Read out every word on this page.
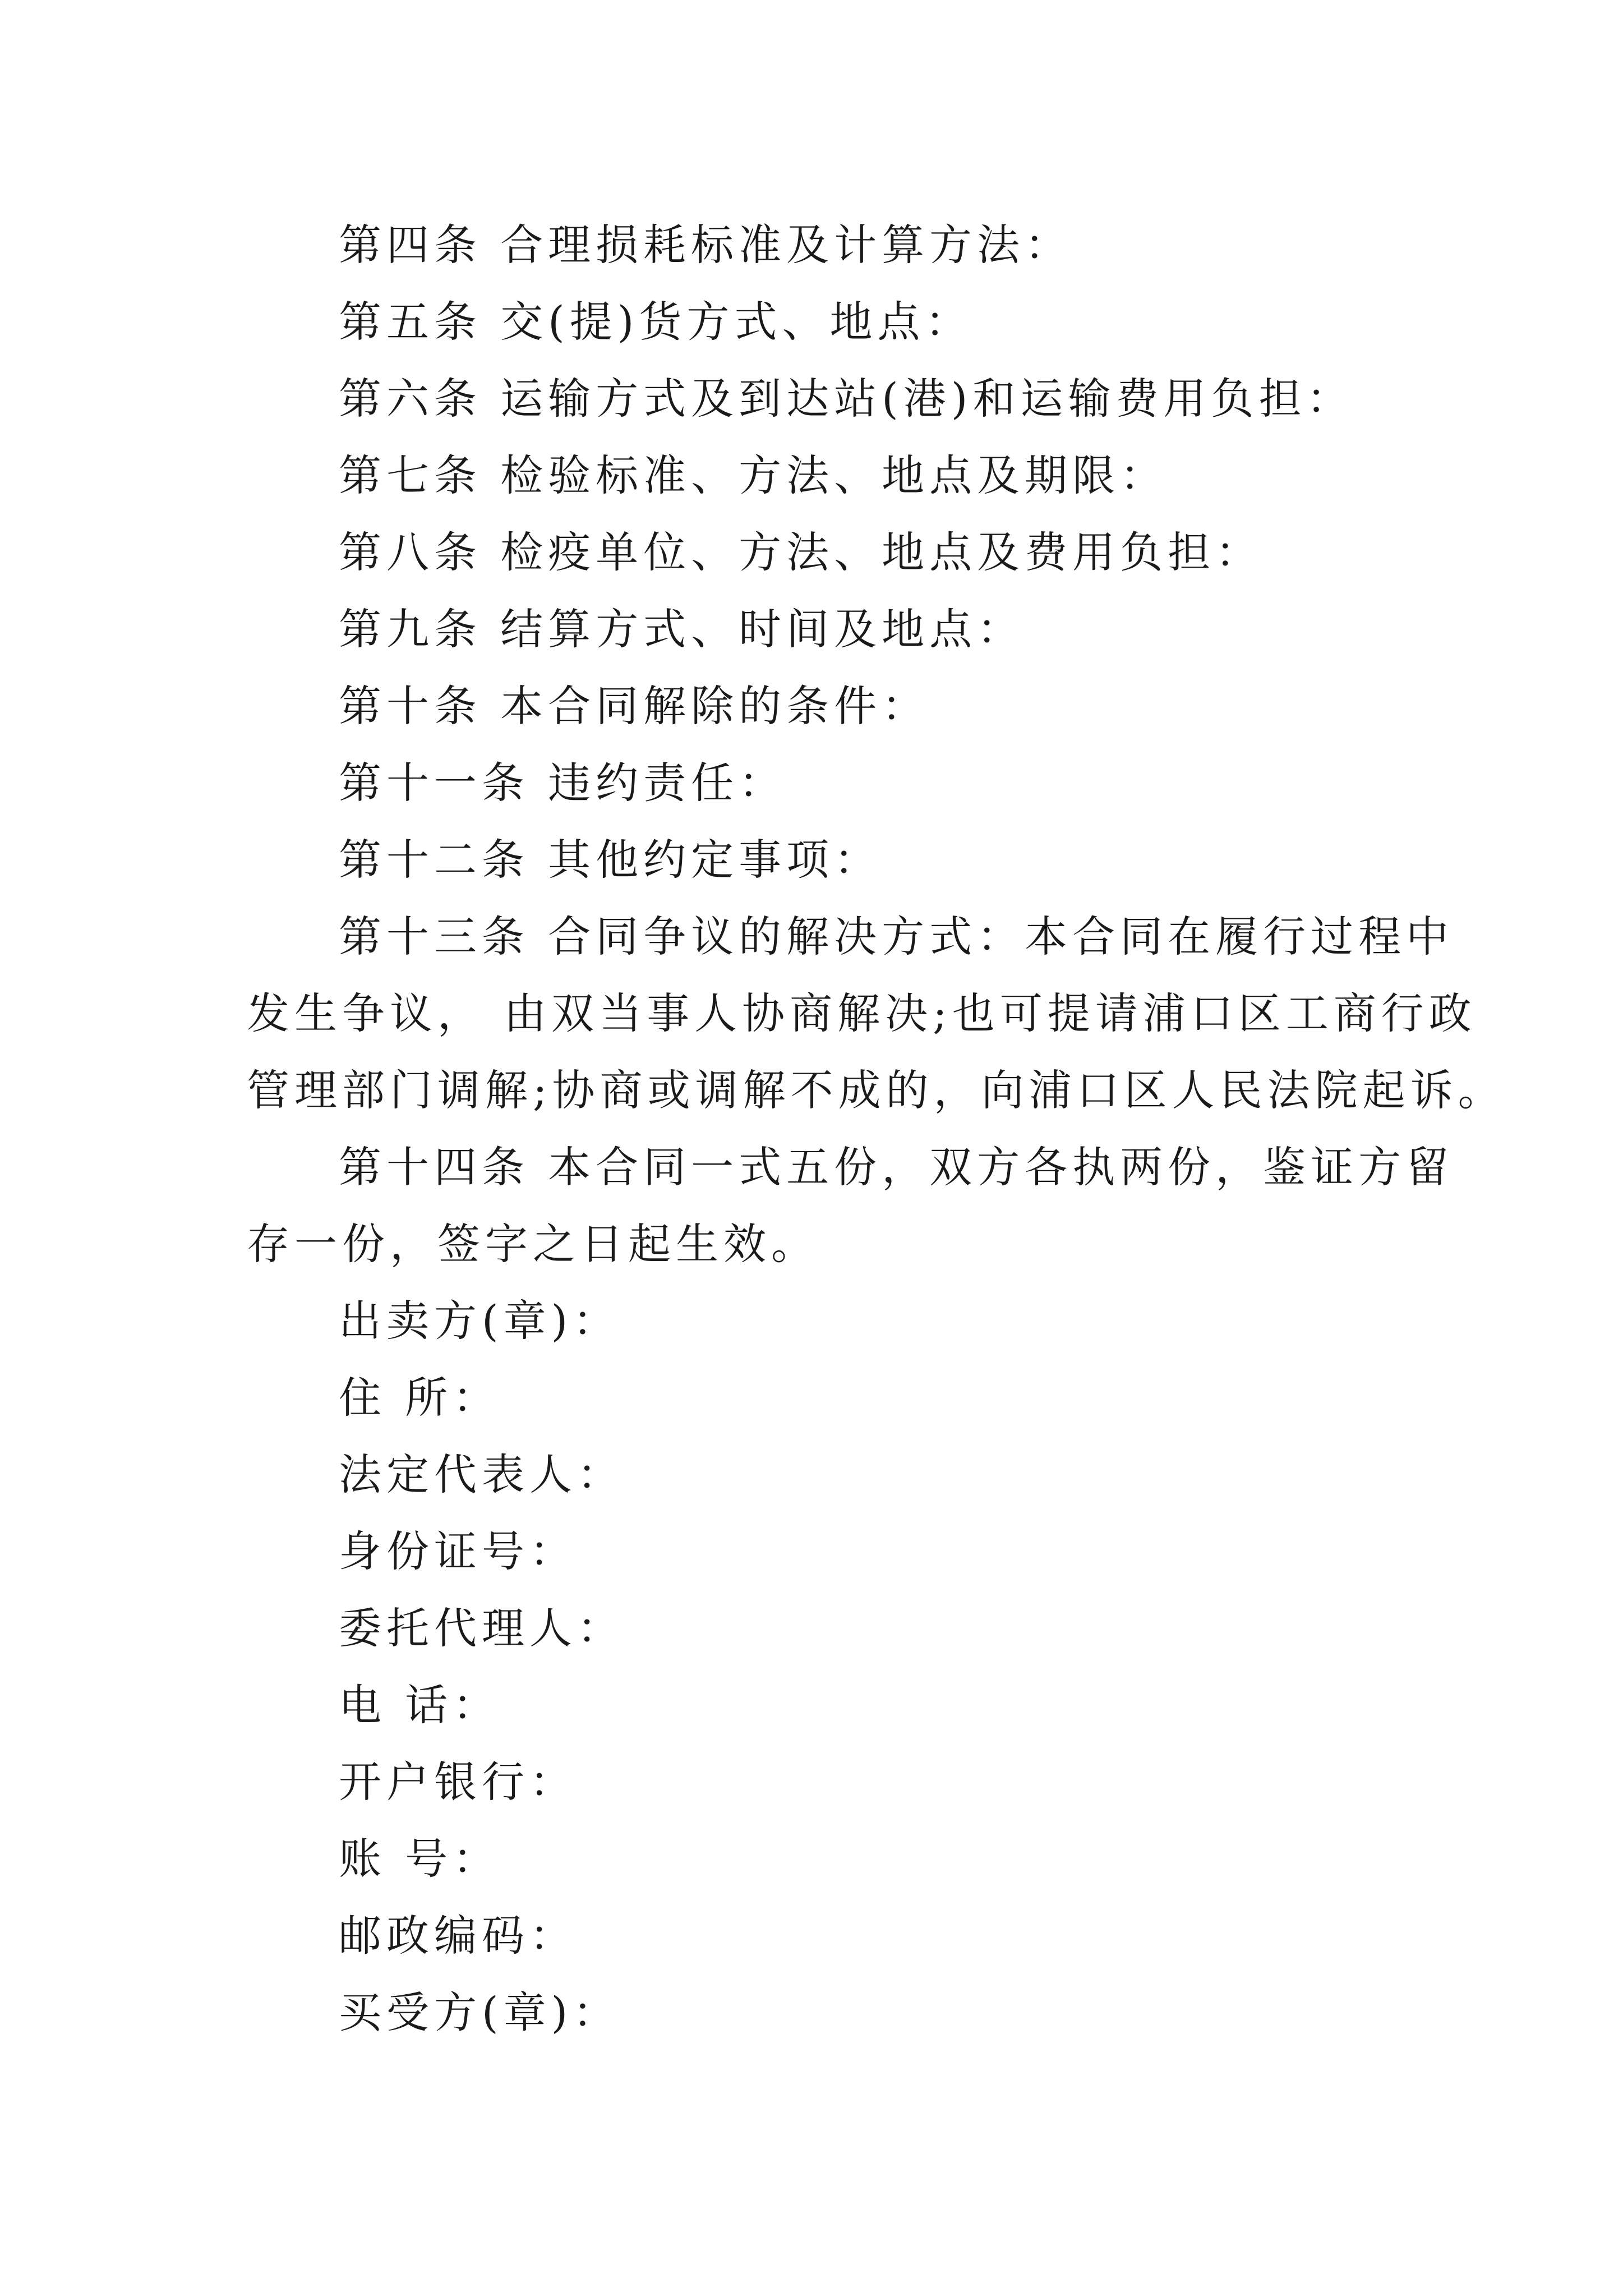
第四条 合理损耗标准及计算方法：
第五条 交(提)货方式、地点：
第六条 运输方式及到达站(港)和运输费用负担：
第七条 检验标准、方法、地点及期限：
第八条 检疫单位、方法、地点及费用负担：
第九条 结算方式、时间及地点：
第十条 本合同解除的条件：
第十一条 违约责任：
第十二条 其他约定事项：
第十三条 合同争议的解决方式：本合同在履行过程中
发生争议， 由双当事人协商解决;也可提请浦口区工商行政
管理部门调解;协商或调解不成的，向浦口区人民法院起诉。
第十四条 本合同一式五份，双方各执两份，鉴证方留
存一份，签字之日起生效。
出卖方(章)：
住 所：
法定代表人：
身份证号：
委托代理人：
电 话：
开户银行：
账 号：
邮政编码：
买受方(章)：
